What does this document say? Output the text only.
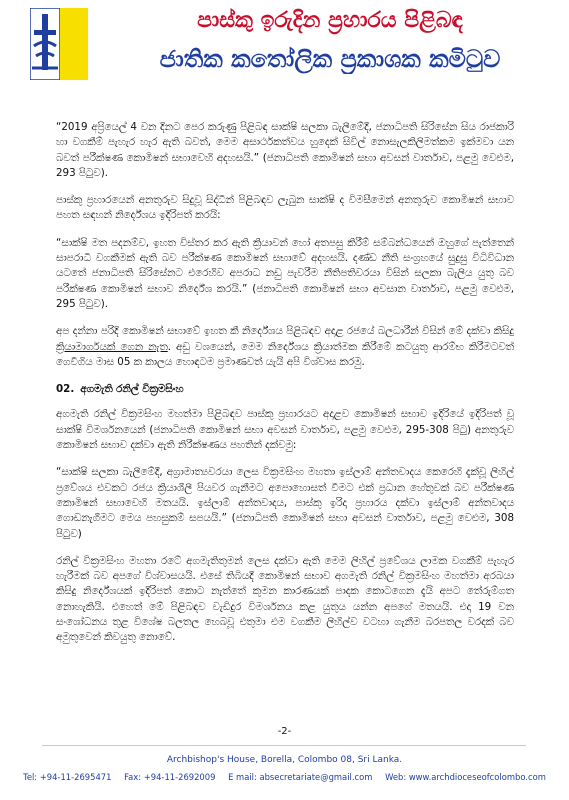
පාස්කු ඉරුදින ප්‍රහාරය පිළිබඳ
ජාතික කතෝලික ප්‍රකාශක කමිටුව

“2019 අප්‍රියෙල් 4 වන දිනට පෙර කරුණු පිළිබඳ සාක්ෂි සලකා බැලීමේදී, ජනාධිපති සිරිසේන සිය රාජකාරි හා වගකීම් පැහැර හැර ඇති බවත්, මෙම අසාර්ථකත්වය හුදෙක් සිවිල් නොසැලකිලිමත්කම ඉක්මවා යන බවත් පරීක්ෂණ කොමිෂන් සභාවෙහි අදහසයි.” (ජනාධිපති කොමිෂන් සභා අවසන් වාර්තාව, පළමු වෙළුම, 293 පිටුව).

පාස්කු ප්‍රහාරයෙන් අනතුරුව සිදුවූ සිද්ධීන් පිළිබඳව ලැබුන සාක්ෂි ද විමසීමෙන් අනතුරුව කොමිෂන් සභාව පහත සඳහන් නිර්දේශය ඉදිරිපත් කරයි:

“සාක්ෂි මත පදනම්ව, ඉහත විස්තර කර ඇති ක්‍රියාවන් හෝ අතපසු කිරීම් සම්බන්ධයෙන් ඔහුගේ පැත්තෙන් සාපරාධී වගකීමක් ඇති බව පරීක්ෂණ කොමිෂන් සභාවේ අදහසයි. දණ්ඩ නීති සංග්‍රහයේ සුදුසු විධිවිධාන යටතේ ජනාධිපති සිරිසේනට එරෙහිව අපරාධ නඩු පැවරීම නීතිපතිවරයා විසින් සලකා බැලිය යුතු බව පරීක්ෂණ කොමිෂන් සභාව නිර්දේශ කරයි.” (ජනාධිපති කොමිෂන් සභා අවසාන වාර්තාව, පළමු වෙළුම, 295 පිටුව).

අප දන්නා පරිදි කොමිෂන් සභාවේ ඉහත කී නිර්දේශය පිළිබඳව අදාළ රජයේ බලධාරීන් විසින් මේ දක්වා කිසිදු ක්‍රියාමාර්ගයක් ගෙන නැත. අඩු වශයෙන්, මෙම නිර්දේශය ක්‍රියාත්මක කිරීමේ කටයුතු ආරම්භ කිරීමටවත් ගෙවීගිය මාස 05 ක කාලය හොඳටම ප්‍රමාණවත් යැයි අපි විශ්වාස කරමු.

02. අගමැති රනිල් වික්‍රමසිංහ

අගමැති රනිල් වික්‍රමසිංහ මහත්මා පිළිබඳව පාස්කු ප්‍රහාරයට අදාළව කොමිෂන් සභාව ඉදිරියේ ඉදිරිපත් වූ සාක්ෂි විමර්ශනයෙන් (ජනාධිපති කොමිෂන් සභා අවසන් වාර්තාව, පළමු වෙළුම, 295-308 පිටු) අනතුරුව කොමිෂන් සභාව දක්වා ඇති නිරීක්ෂණය පහතින් දක්වමු:

“සාක්ෂි සලකා බැලීමේදී, අග්‍රාමාත්‍යවරයා ලෙස වික්‍රමසිංහ මහතා ඉස්ලාම් අන්තවාදය කෙරෙහි දැක්වූ ලිහිල් ප්‍රවේශය එවකට රජය ක්‍රියාශීලී පියවර ගැනීමට අපොහොසත් වීමට එක් ප්‍රධාන හේතුවක් බව පරීක්ෂණ කොමිෂන් සභාවෙහි මතයයි. ඉස්ලාම් අන්තවාදය, පාස්කු ඉරිදා ප්‍රහාරය දක්වා ඉස්ලාම් අන්තවාදය ගොඩනැගීමට මෙය පහසුකම් සපයයි.” (ජනාධිපති කොමිෂන් සභා අවසන් වාර්තාව, පළමු වෙළුම, 308 පිටුව)

රනිල් වික්‍රමසිංහ මහතා රටේ අගමැතිතුමන් ලෙස දක්වා ඇති මෙම ලිහිල් ප්‍රවේශය ලාමක වගකීම් පැහැර හැරීමක් බව අපගේ විශ්වාසයයි. එසේ තිබියදී කොමිෂන් සභාව අගමැති රනිල් වික්‍රමසිංහ මහත්මා අරබයා කිසිදු නිර්දේශයක් ඉදිරිපත් කොට නැත්තේ කුමන කාරණයක් පාදක කොටගෙන දැයි අපට තේරුම්ගත නොහැකියි. එහෙත් මේ පිළිබඳව වැඩිදුර විමර්ශනය කළ යුතුය යන්න අපගේ මතයයි. එදා 19 වන සංශෝධනය තුළ විශේෂ බලතල හෙබවූ එතුමා එම වගකීම ලිහිල්ව වටහා ගැනීම බරපතල වරදක් බව අමුතුවෙන් කිවයුතු නොවේ.

-2-
Archbishop's House, Borella, Colombo 08, Sri Lanka.
Tel: +94-11-2695471 Fax: +94-11-2692009 E mail: absecretariate@gmail.com Web: www.archdioceseofcolombo.com
